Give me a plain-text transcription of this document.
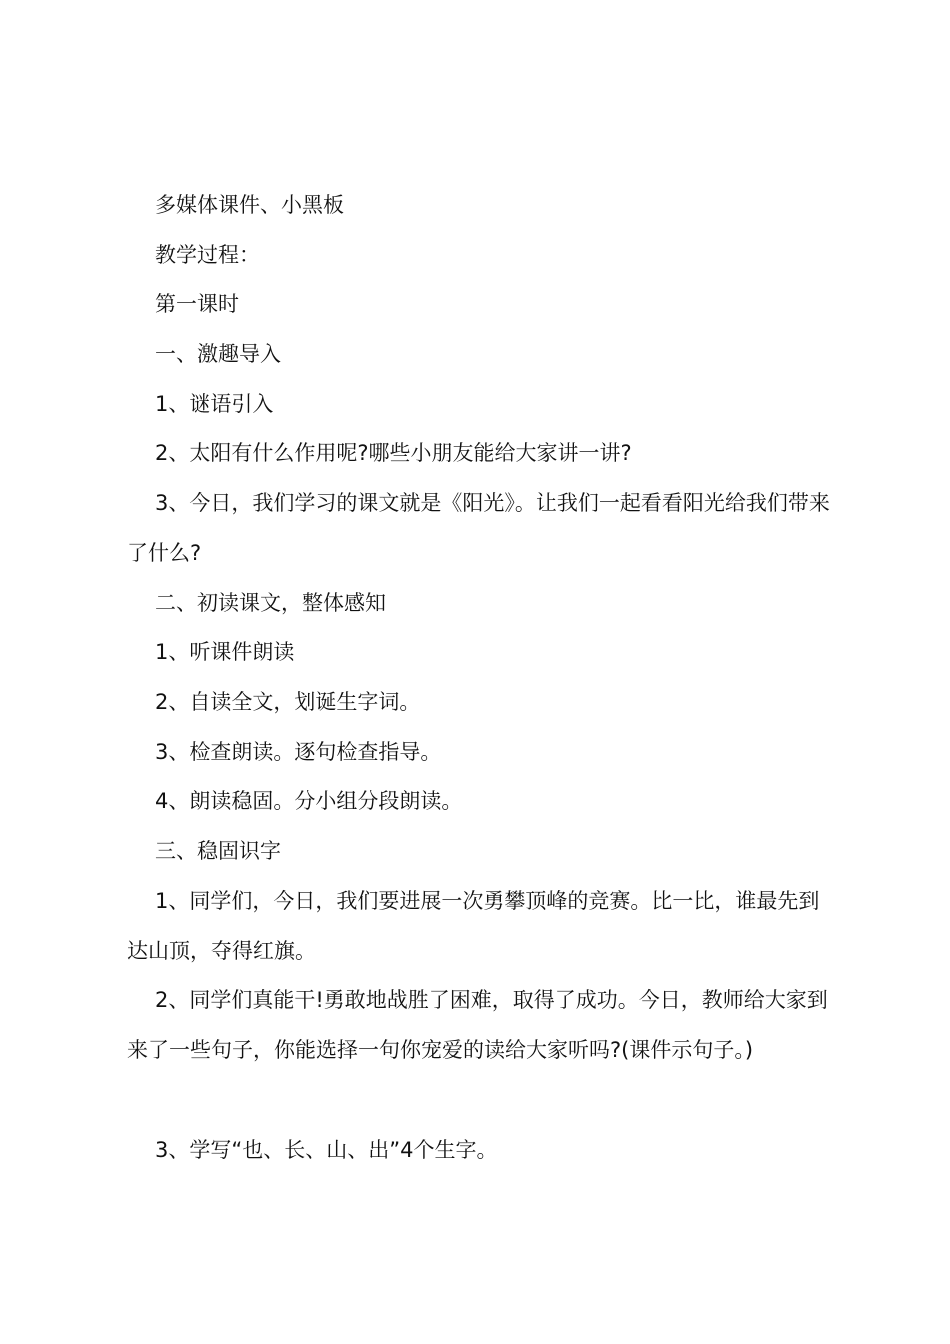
多媒体课件、小黑板

教学过程：

第一课时

一、激趣导入

1、谜语引入

2、太阳有什么作用呢?哪些小朋友能给大家讲一讲?

3、今日，我们学习的课文就是《阳光》。让我们一起看看阳光给我们带来了什么?

二、初读课文，整体感知

1、听课件朗读

2、自读全文，划诞生字词。

3、检查朗读。逐句检查指导。

4、朗读稳固。分小组分段朗读。

三、稳固识字

1、同学们，今日，我们要进展一次勇攀顶峰的竞赛。比一比，谁最先到达山顶，夺得红旗。

2、同学们真能干!勇敢地战胜了困难，取得了成功。今日，教师给大家到来了一些句子，你能选择一句你宠爱的读给大家听吗?(课件示句子。)

3、学写“也、长、山、出”4个生字。
